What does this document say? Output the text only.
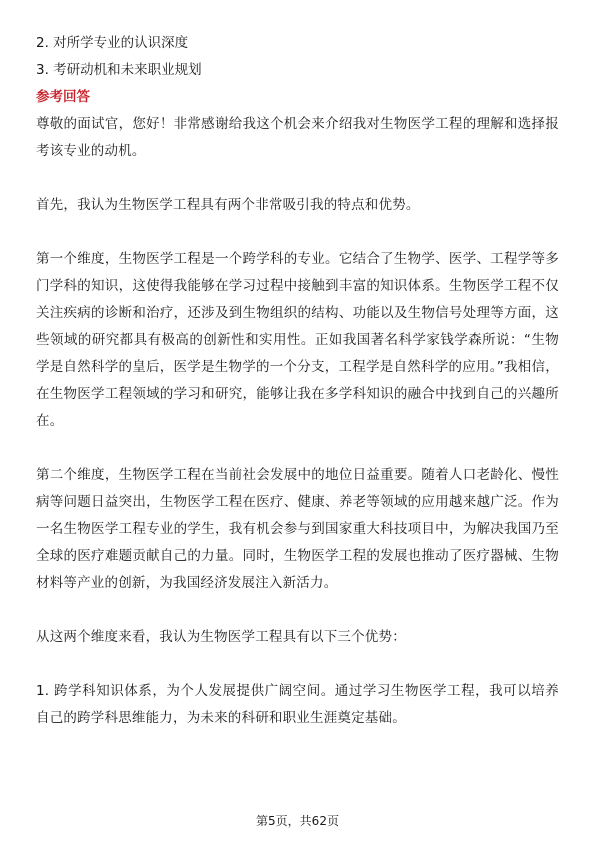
2. 对所学专业的认识深度

3. 考研动机和未来职业规划

参考回答

尊敬的面试官，您好！非常感谢给我这个机会来介绍我对生物医学工程的理解和选择报考该专业的动机。

首先，我认为生物医学工程具有两个非常吸引我的特点和优势。

第一个维度，生物医学工程是一个跨学科的专业。它结合了生物学、医学、工程学等多门学科的知识，这使得我能够在学习过程中接触到丰富的知识体系。生物医学工程不仅关注疾病的诊断和治疗，还涉及到生物组织的结构、功能以及生物信号处理等方面，这些领域的研究都具有极高的创新性和实用性。正如我国著名科学家钱学森所说：“生物学是自然科学的皇后，医学是生物学的一个分支，工程学是自然科学的应用。”我相信，在生物医学工程领域的学习和研究，能够让我在多学科知识的融合中找到自己的兴趣所在。

第二个维度，生物医学工程在当前社会发展中的地位日益重要。随着人口老龄化、慢性病等问题日益突出，生物医学工程在医疗、健康、养老等领域的应用越来越广泛。作为一名生物医学工程专业的学生，我有机会参与到国家重大科技项目中，为解决我国乃至全球的医疗难题贡献自己的力量。同时，生物医学工程的发展也推动了医疗器械、生物材料等产业的创新，为我国经济发展注入新活力。

从这两个维度来看，我认为生物医学工程具有以下三个优势：

1. 跨学科知识体系，为个人发展提供广阔空间。通过学习生物医学工程，我可以培养自己的跨学科思维能力，为未来的科研和职业生涯奠定基础。

第5页，共62页
